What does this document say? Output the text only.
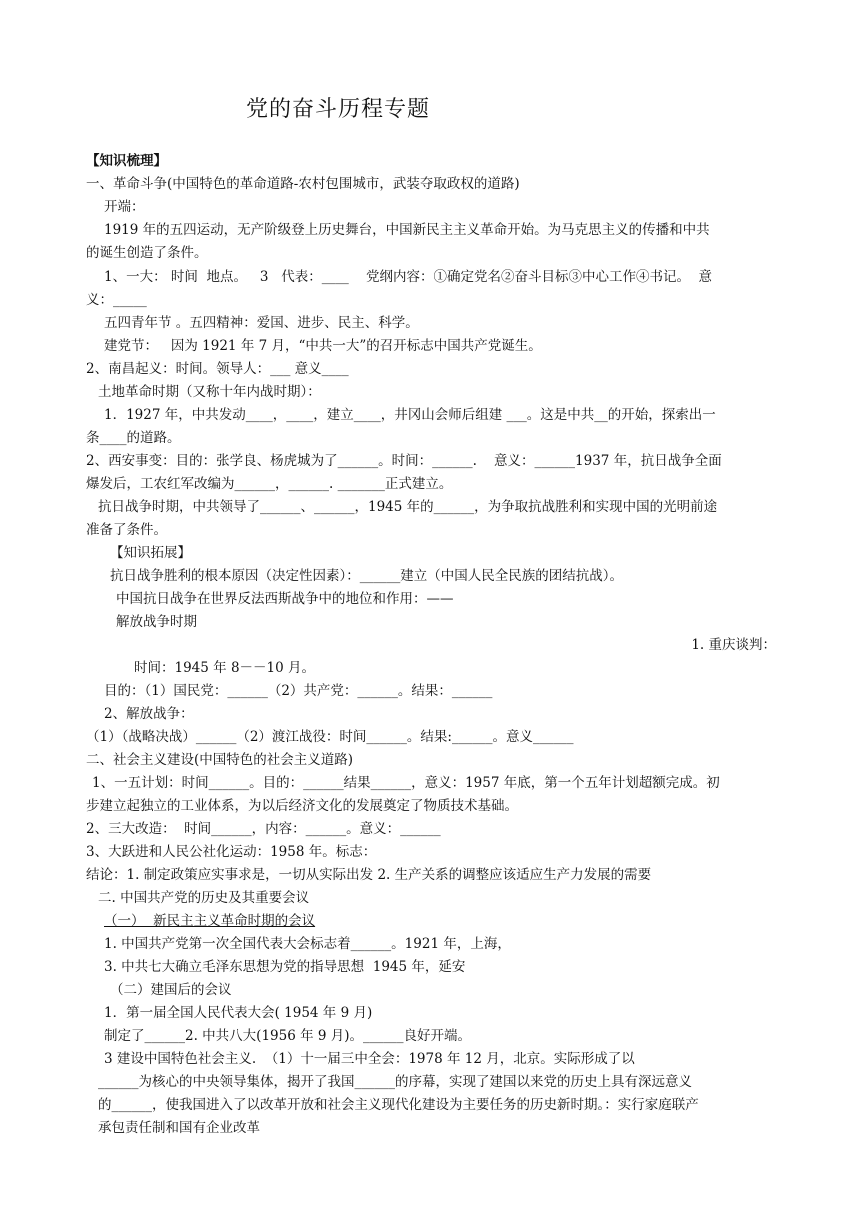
党的奋斗历程专题
【知识梳理】
一、革命斗争(中国特色的革命道路-农村包围城市，武装夺取政权的道路)
开端：
1919 年的五四运动，无产阶级登上历史舞台，中国新民主主义革命开始。为马克思主义的传播和中共
的诞生创造了条件。
1、一大： 时间  地点。   3   代表：____    党纲内容：①确定党名②奋斗目标③中心工作④书记。  意
义：_____
五四青年节 。五四精神：爱国、进步、民主、科学。
建党节：   因为 1921 年 7 月，“中共一大”的召开标志中国共产党诞生。
2、南昌起义：时间。领导人：___ 意义____
土地革命时期（又称十年内战时期）：
1．1927 年，中共发动____，____，建立____，井冈山会师后组建 ___。这是中共__的开始，探索出一
条____的道路。
2、西安事变：目的：张学良、杨虎城为了______。时间：______.    意义：______1937 年，抗日战争全面
爆发后，工农红军改编为______，______. _______正式建立。
抗日战争时期，中共领导了______、______，1945 年的______，为争取抗战胜利和实现中国的光明前途
准备了条件。
【知识拓展】
抗日战争胜利的根本原因（决定性因素）：______建立（中国人民全民族的团结抗战）。
中国抗日战争在世界反法西斯战争中的地位和作用：——
解放战争时期
1. 重庆谈判：
时间：1945 年 8－－10 月。
目的：（1）国民党：______（2）共产党：______。结果：______
2、解放战争：
（1）（战略决战）______（2）渡江战役：时间______。结果:______。意义______
二、社会主义建设(中国特色的社会主义道路)
1、一五计划：时间______。目的：______结果______，意义：1957 年底，第一个五年计划超额完成。初
步建立起独立的工业体系，为以后经济文化的发展奠定了物质技术基础。
2、三大改造：  时间______，内容：______。意义：______
3、大跃进和人民公社化运动：1958 年。标志：
结论：1. 制定政策应实事求是，一切从实际出发 2. 生产关系的调整应该适应生产力发展的需要
二. 中国共产党的历史及其重要会议
（一）  新民主主义革命时期的会议
1. 中国共产党第一次全国代表大会标志着______。1921 年，上海，
3. 中共七大确立毛泽东思想为党的指导思想  1945 年，延安
（二）建国后的会议
1．第一届全国人民代表大会( 1954 年 9 月)
制定了______2. 中共八大(1956 年 9 月)。______良好开端。
3 建设中国特色社会主义.  （1）十一届三中全会：1978 年 12 月，北京。实际形成了以
______为核心的中央领导集体，揭开了我国______的序幕，实现了建国以来党的历史上具有深远意义
的______，使我国进入了以改革开放和社会主义现代化建设为主要任务的历史新时期。：实行家庭联产
承包责任制和国有企业改革
